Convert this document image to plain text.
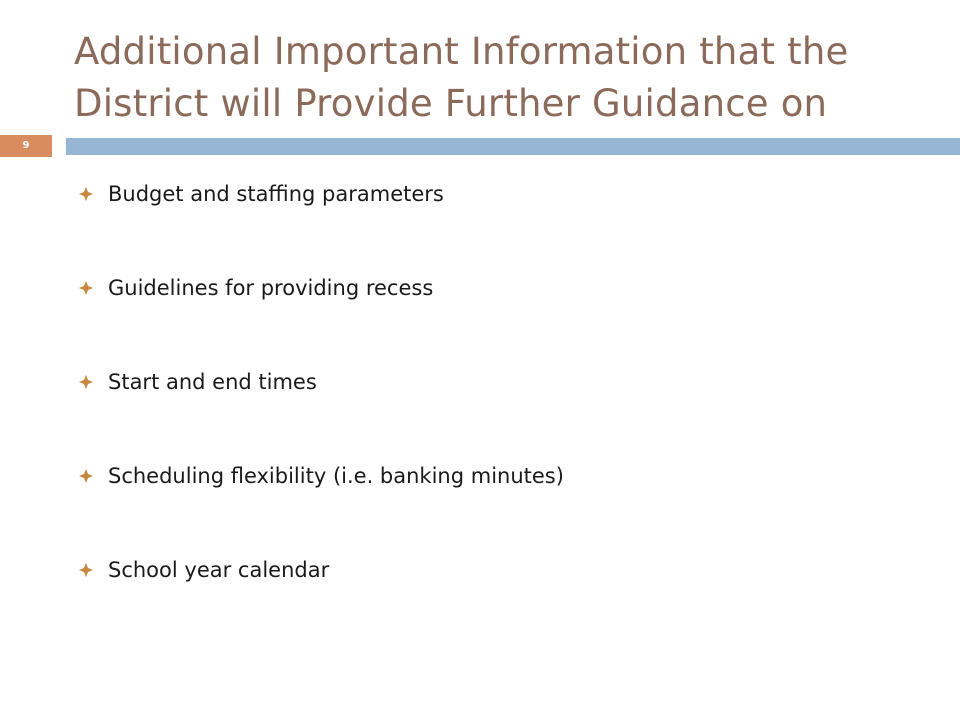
Additional Important Information that the
District will Provide Further Guidance on
9
Budget and staffing parameters
Guidelines for providing recess
Start and end times
Scheduling flexibility (i.e. banking minutes)
School year calendar
